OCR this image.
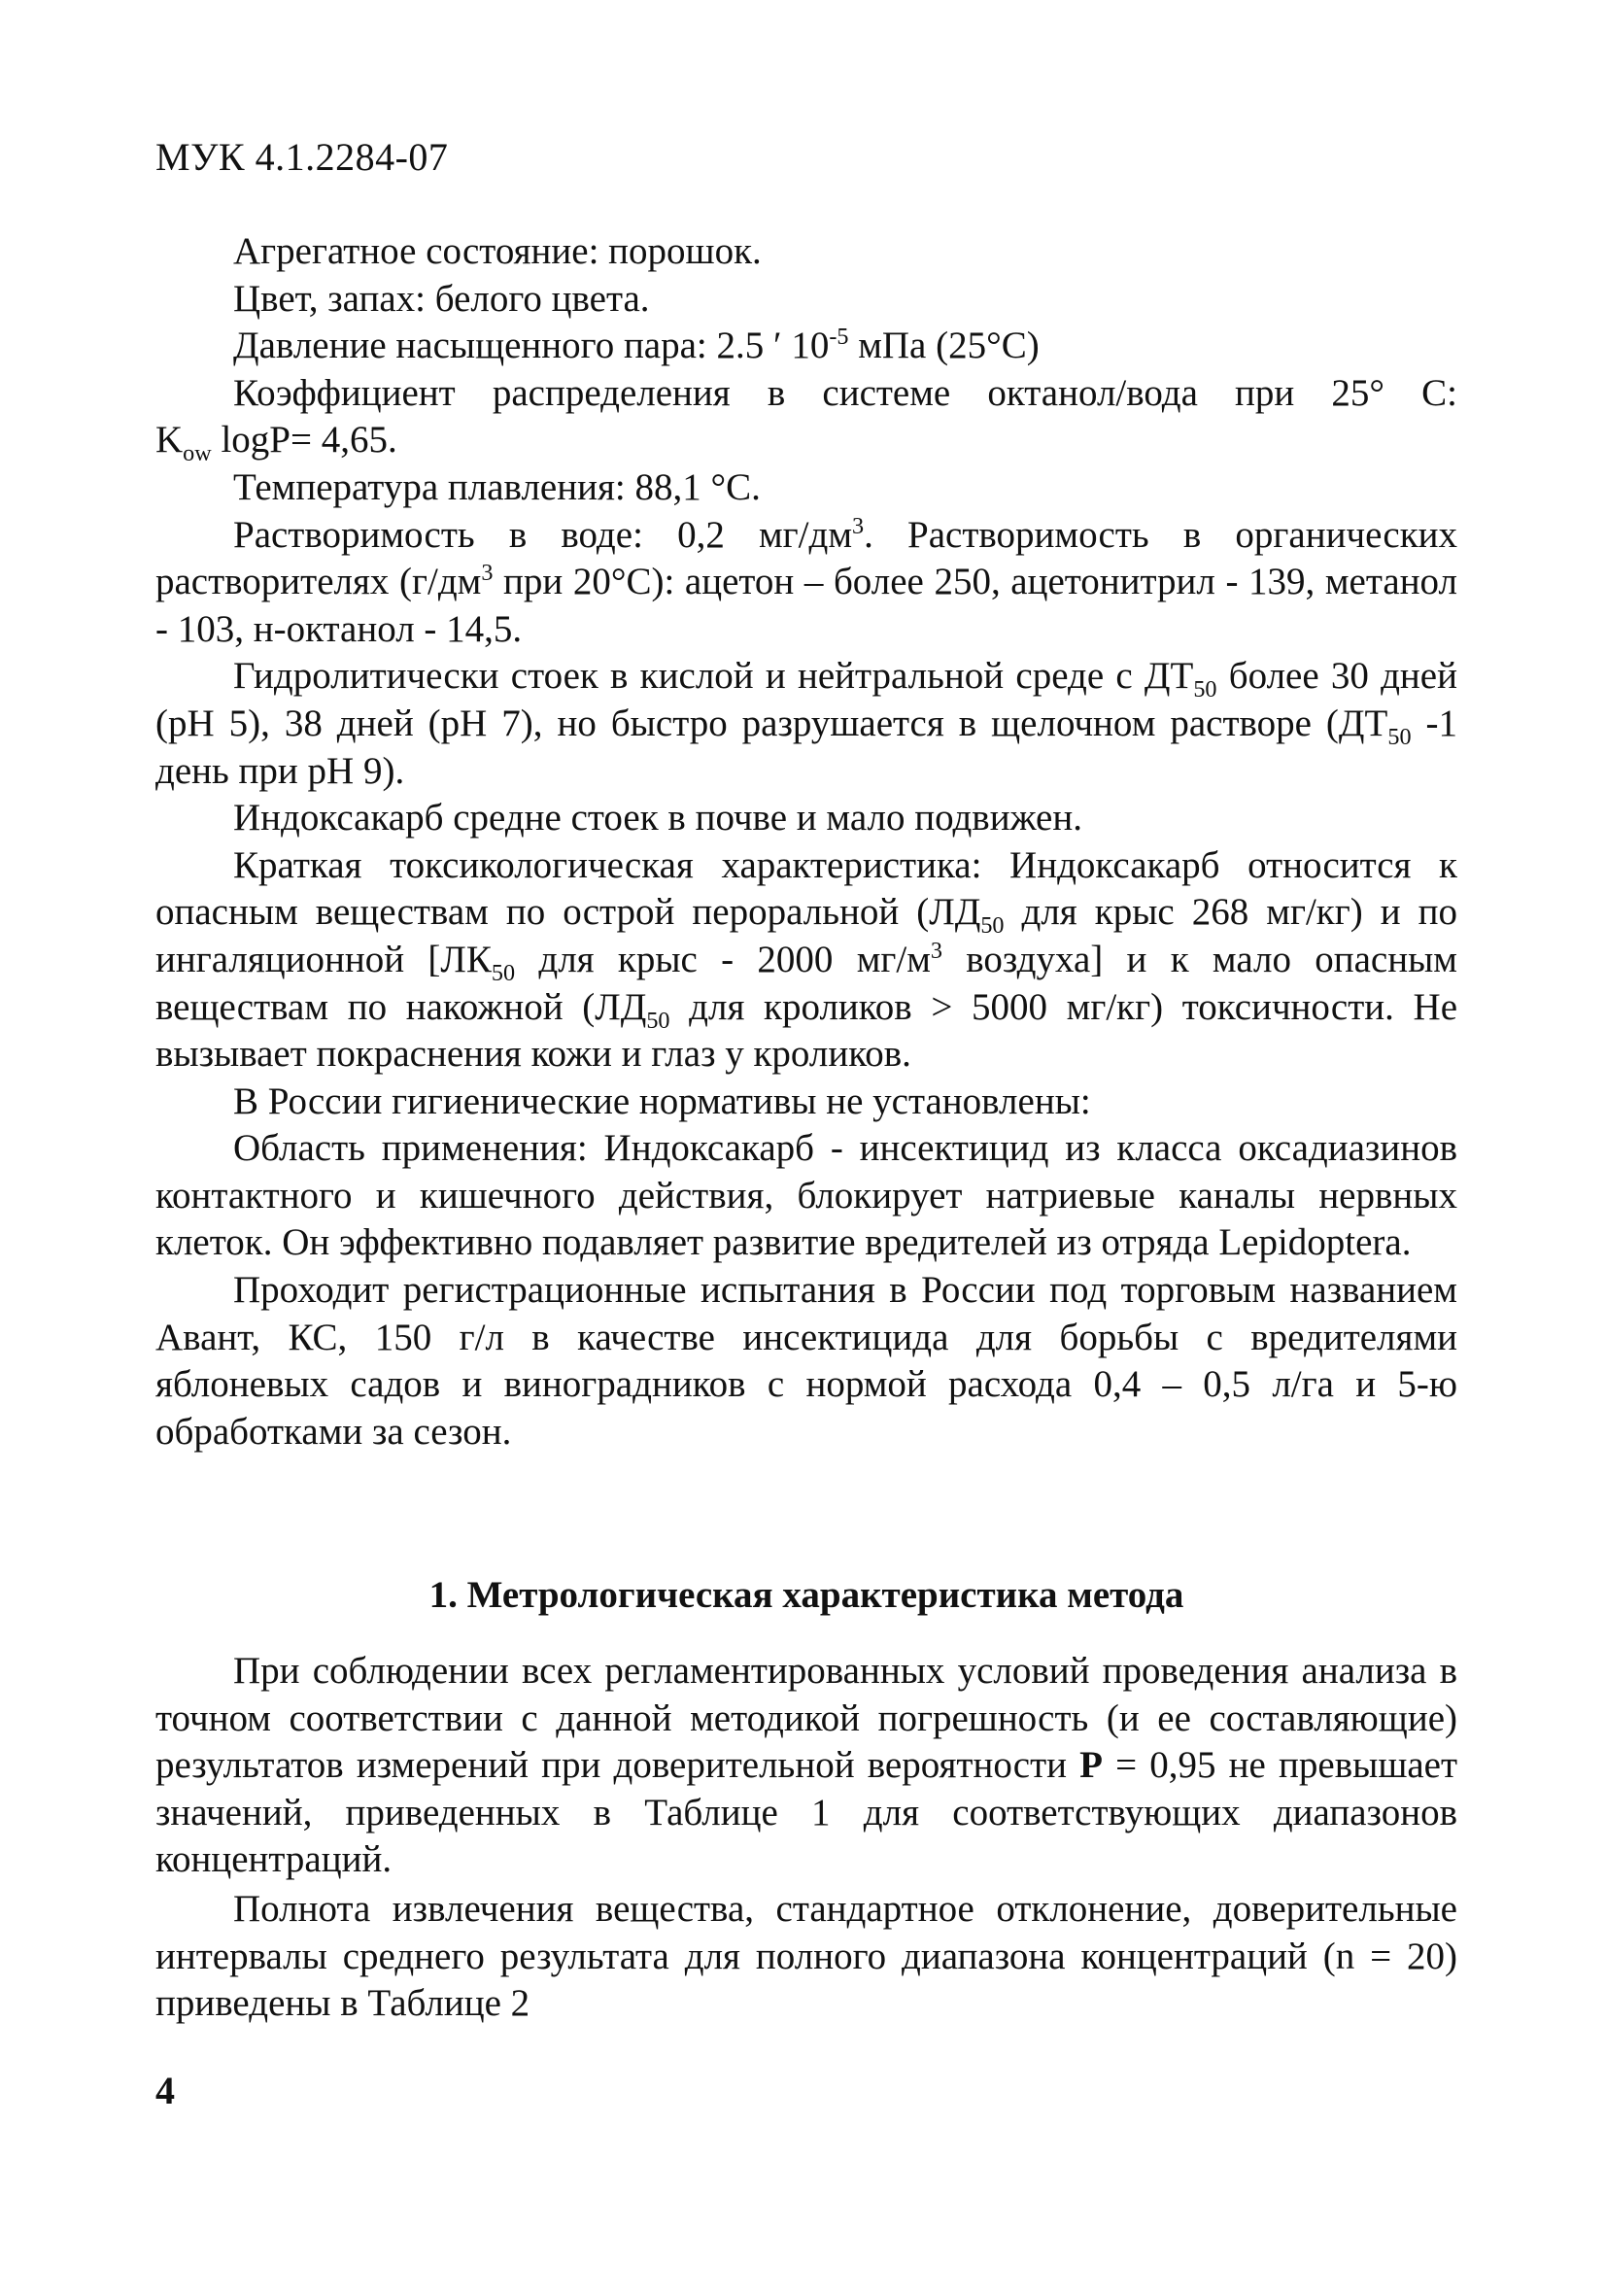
МУК 4.1.2284-07

Агрегатное состояние: порошок.

Цвет, запах: белого цвета.

Давление насыщенного пара: 2.5 ′ $10^{-5}$ мПа (25°С)

Коэффициент распределения в системе октанол/вода при 25° С:

$K_{ow}$ logP= 4,65.

Температура плавления: 88,1 °С.

Растворимость в воде: 0,2 $мг/дм^3$. Растворимость в органических растворителях ($г/дм^3$ при 20°С): ацетон – более 250, ацетонитрил - 139, метанол - 103, н-октанол - 14,5.

Гидролитически стоек в кислой и нейтральной среде с $ДТ_{50}$ более 30 дней (рН 5), 38 дней (рН 7), но быстро разрушается в щелочном растворе ($ДТ_{50}$ -1 день при рН 9).

Индоксакарб средне стоек в почве и мало подвижен.

Краткая токсикологическая характеристика: Индоксакарб относится к опасным веществам по острой пероральной ($ЛД_{50}$ для крыс 268 мг/кг) и по ингаляционной [$ЛК_{50}$ для крыс - 2000 $мг/м^3$ воздуха] и к мало опасным веществам по накожной ($ЛД_{50}$ для кроликов > 5000 мг/кг) токсичности. Не вызывает покраснения кожи и глаз у кроликов.

В России гигиенические нормативы не установлены:

Область применения: Индоксакарб - инсектицид из класса оксадиазинов контактного и кишечного действия, блокирует натриевые каналы нервных клеток. Он эффективно подавляет развитие вредителей из отряда Lepidoptera.

Проходит регистрационные испытания в России под торговым названием Авант, КС, 150 г/л в качестве инсектицида для борьбы с вредителями яблоневых садов и виноградников с нормой расхода 0,4 – 0,5 л/га и 5-ю обработками за сезон.

1. Метрологическая характеристика метода

При соблюдении всех регламентированных условий проведения анализа в точном соответствии с данной методикой погрешность (и ее составляющие) результатов измерений при доверительной вероятности Р = 0,95 не превышает значений, приведенных в Таблице 1 для соответствующих диапазонов концентраций.

Полнота извлечения вещества, стандартное отклонение, доверительные интервалы среднего результата для полного диапазона концентраций (n = 20) приведены в Таблице 2

4
